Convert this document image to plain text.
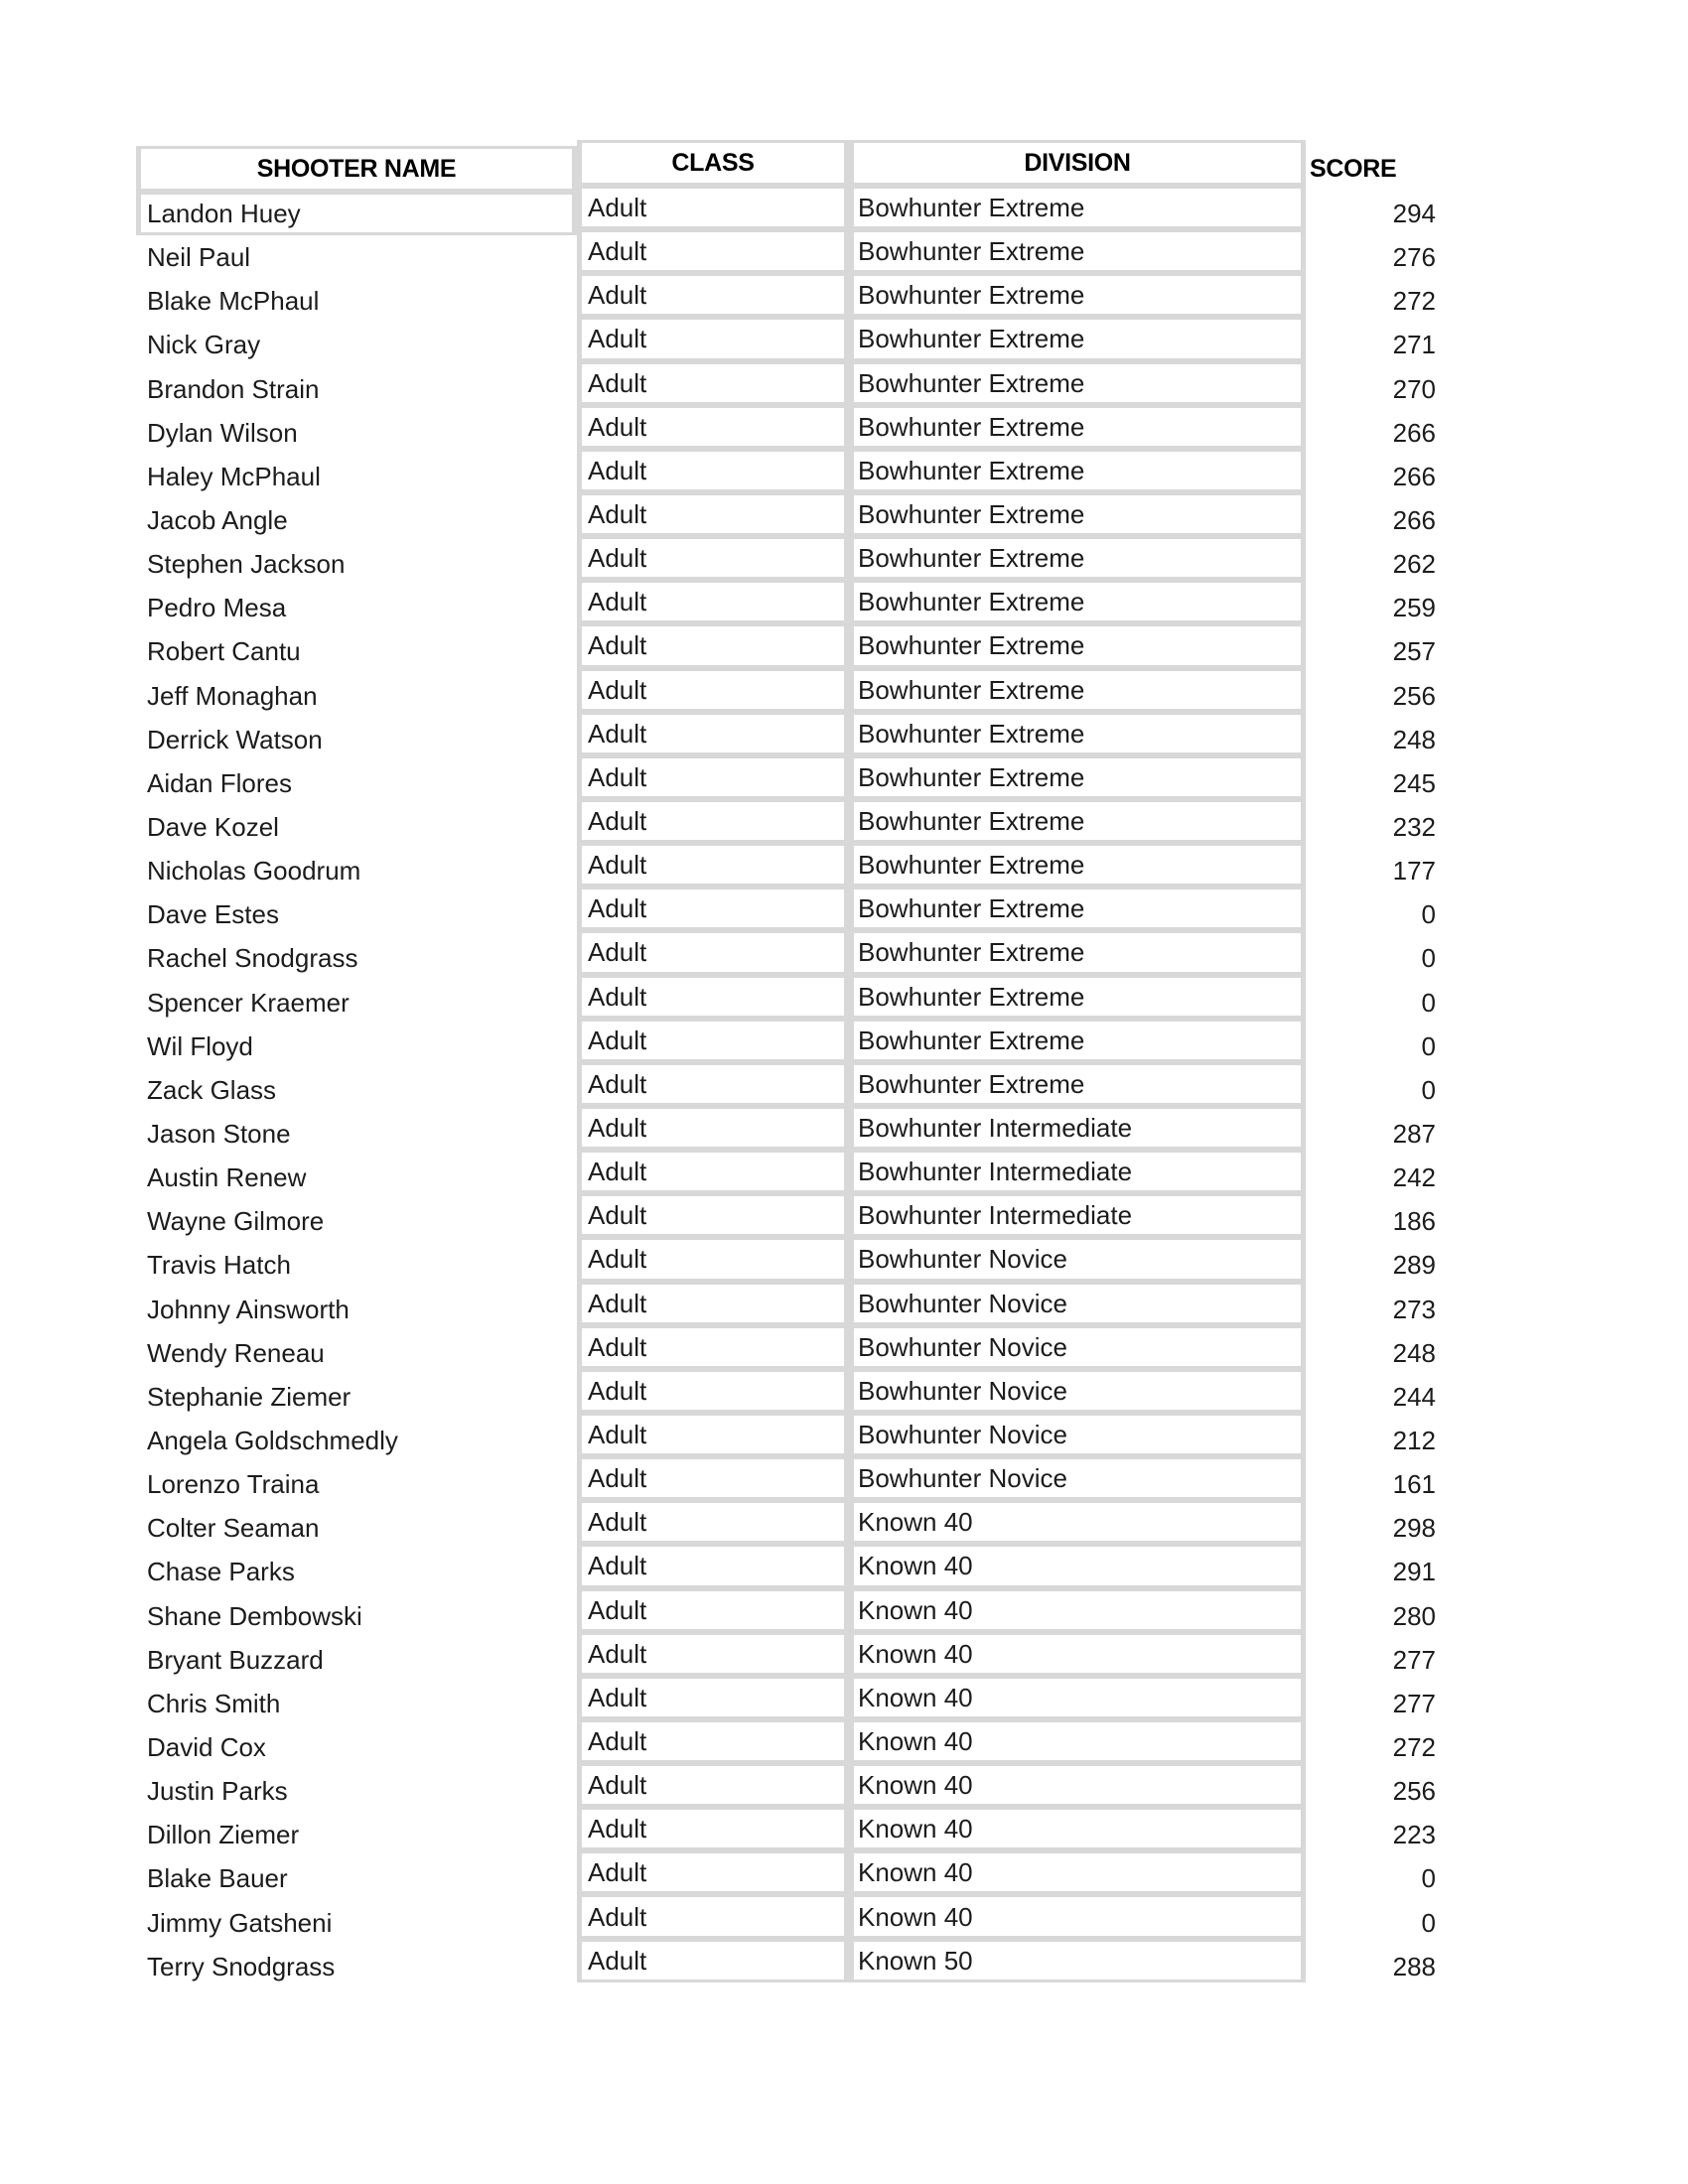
SHOOTER NAME	CLASS	DIVISION	SCORE
Landon Huey	Adult	Bowhunter Extreme	294
Neil Paul	Adult	Bowhunter Extreme	276
Blake McPhaul	Adult	Bowhunter Extreme	272
Nick Gray	Adult	Bowhunter Extreme	271
Brandon Strain	Adult	Bowhunter Extreme	270
Dylan Wilson	Adult	Bowhunter Extreme	266
Haley McPhaul	Adult	Bowhunter Extreme	266
Jacob Angle	Adult	Bowhunter Extreme	266
Stephen Jackson	Adult	Bowhunter Extreme	262
Pedro Mesa	Adult	Bowhunter Extreme	259
Robert Cantu	Adult	Bowhunter Extreme	257
Jeff Monaghan	Adult	Bowhunter Extreme	256
Derrick Watson	Adult	Bowhunter Extreme	248
Aidan Flores	Adult	Bowhunter Extreme	245
Dave Kozel	Adult	Bowhunter Extreme	232
Nicholas Goodrum	Adult	Bowhunter Extreme	177
Dave Estes	Adult	Bowhunter Extreme	0
Rachel Snodgrass	Adult	Bowhunter Extreme	0
Spencer Kraemer	Adult	Bowhunter Extreme	0
Wil Floyd	Adult	Bowhunter Extreme	0
Zack Glass	Adult	Bowhunter Extreme	0
Jason Stone	Adult	Bowhunter Intermediate	287
Austin Renew	Adult	Bowhunter Intermediate	242
Wayne Gilmore	Adult	Bowhunter Intermediate	186
Travis Hatch	Adult	Bowhunter Novice	289
Johnny Ainsworth	Adult	Bowhunter Novice	273
Wendy Reneau	Adult	Bowhunter Novice	248
Stephanie Ziemer	Adult	Bowhunter Novice	244
Angela Goldschmedly	Adult	Bowhunter Novice	212
Lorenzo Traina	Adult	Bowhunter Novice	161
Colter Seaman	Adult	Known 40	298
Chase Parks	Adult	Known 40	291
Shane Dembowski	Adult	Known 40	280
Bryant Buzzard	Adult	Known 40	277
Chris Smith	Adult	Known 40	277
David Cox	Adult	Known 40	272
Justin Parks	Adult	Known 40	256
Dillon Ziemer	Adult	Known 40	223
Blake Bauer	Adult	Known 40	0
Jimmy Gatsheni	Adult	Known 40	0
Terry Snodgrass	Adult	Known 50	288
